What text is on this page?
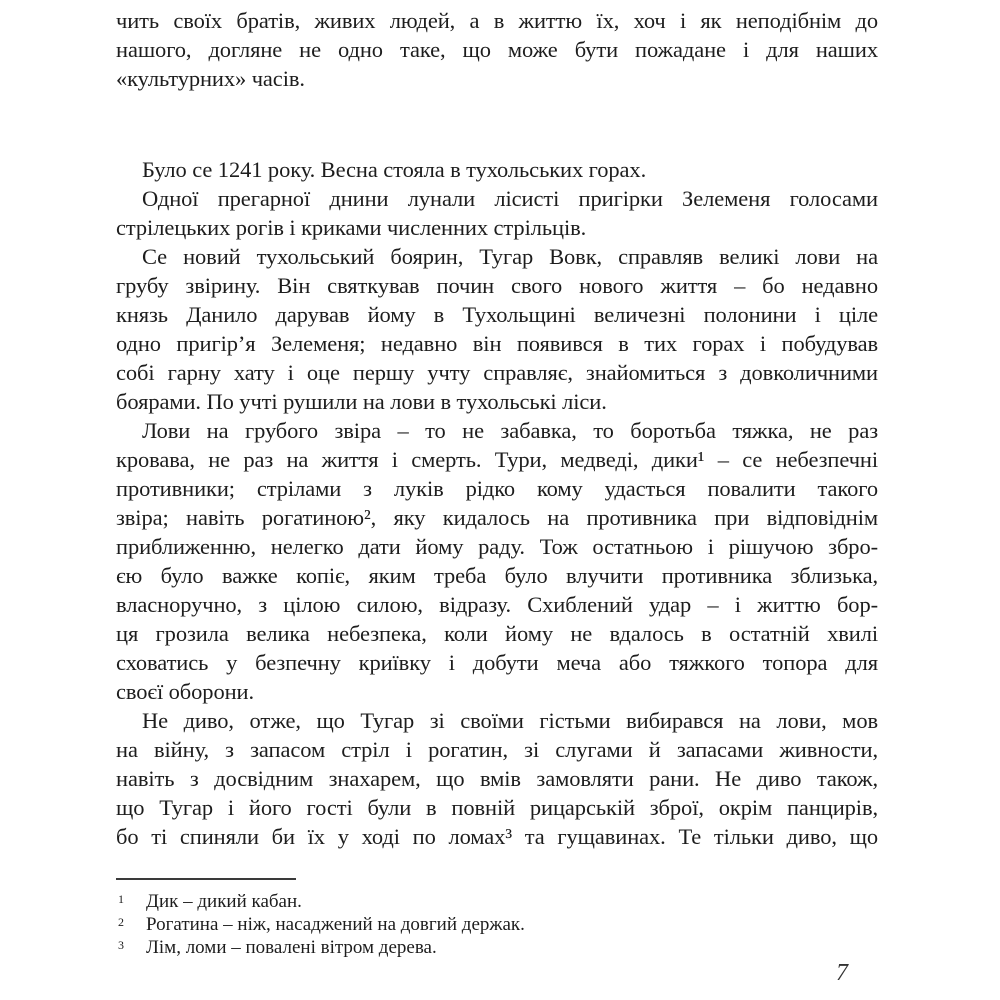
чить своїх братів, живих людей, а в життю їх, хоч і як неподібнім до
нашого, догляне не одно таке, що може бути пожадане і для наших
«культурних» часів.
Було се 1241 року. Весна стояла в тухольських горах.
Одної прегарної днини лунали лісисті пригірки Зелеменя голосами
стрілецьких рогів і криками численних стрільців.
Се новий тухольський боярин, Тугар Вовк, справляв великі лови на
грубу звірину. Він святкував почин свого нового життя – бо недавно
князь Данило дарував йому в Тухольщині величезні полонини і ціле
одно пригір’я Зелеменя; недавно він появився в тих горах і побудував
собі гарну хату і оце першу учту справляє, знайомиться з довколичними
боярами. По учті рушили на лови в тухольські ліси.
Лови на грубого звіра – то не забавка, то боротьба тяжка, не раз
кровава, не раз на життя і смерть. Тури, медведі, дики¹ – се небезпечні
противники; стрілами з луків рідко кому удасться повалити такого
звіра; навіть рогатиною², яку кидалось на противника при відповіднім
приближенню, нелегко дати йому раду. Тож остатньою і рішучою збро-
єю було важке копіє, яким треба було влучити противника зблизька,
власноручно, з цілою силою, відразу. Схиблений удар – і життю бор-
ця грозила велика небезпека, коли йому не вдалось в остатній хвилі
сховатись у безпечну криївку і добути меча або тяжкого топора для
своєї оборони.
Не диво, отже, що Тугар зі своїми гістьми вибирався на лови, мов
на війну, з запасом стріл і рогатин, зі слугами й запасами живности,
навіть з досвідним знахарем, що вмів замовляти рани. Не диво також,
що Тугар і його гості були в повній рицарській зброї, окрім панцирів,
бо ті спиняли би їх у ході по ломах³ та гущавинах. Те тільки диво, що
1	Дик – дикий кабан.
2	Рогатина – ніж, насаджений на довгий держак.
3	Лім, ломи – повалені вітром дерева.
7
